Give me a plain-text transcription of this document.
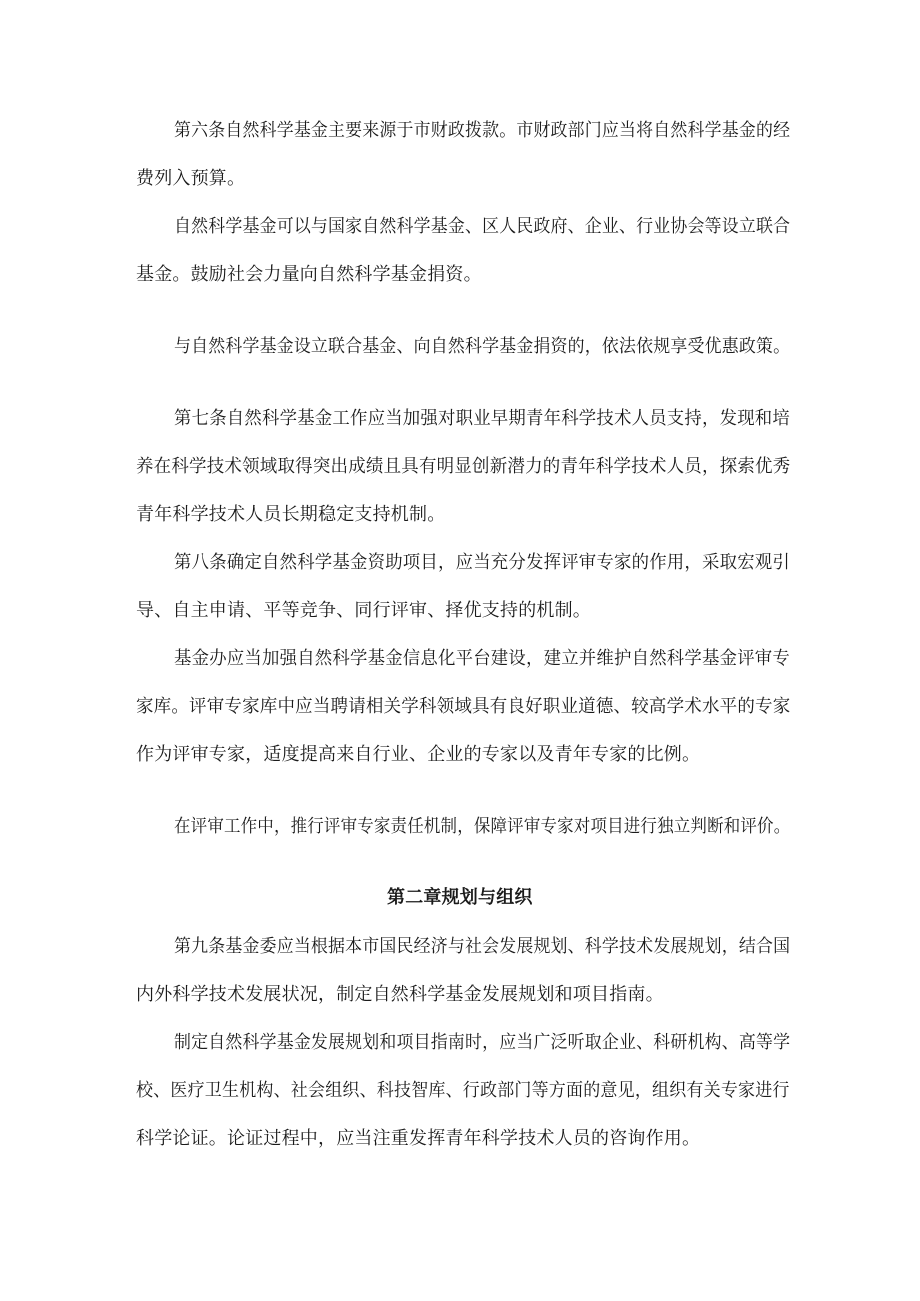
第六条自然科学基金主要来源于市财政拨款。市财政部门应当将自然科学基金的经
费列入预算。
自然科学基金可以与国家自然科学基金、区人民政府、企业、行业协会等设立联合
基金。鼓励社会力量向自然科学基金捐资。
与自然科学基金设立联合基金、向自然科学基金捐资的，依法依规享受优惠政策。
第七条自然科学基金工作应当加强对职业早期青年科学技术人员支持，发现和培
养在科学技术领域取得突出成绩且具有明显创新潜力的青年科学技术人员，探索优秀
青年科学技术人员长期稳定支持机制。
第八条确定自然科学基金资助项目，应当充分发挥评审专家的作用，采取宏观引
导、自主申请、平等竞争、同行评审、择优支持的机制。
基金办应当加强自然科学基金信息化平台建设，建立并维护自然科学基金评审专
家库。评审专家库中应当聘请相关学科领域具有良好职业道德、较高学术水平的专家
作为评审专家，适度提高来自行业、企业的专家以及青年专家的比例。
在评审工作中，推行评审专家责任机制，保障评审专家对项目进行独立判断和评价。
第二章规划与组织
第九条基金委应当根据本市国民经济与社会发展规划、科学技术发展规划，结合国
内外科学技术发展状况，制定自然科学基金发展规划和项目指南。
制定自然科学基金发展规划和项目指南时，应当广泛听取企业、科研机构、高等学
校、医疗卫生机构、社会组织、科技智库、行政部门等方面的意见，组织有关专家进行
科学论证。论证过程中，应当注重发挥青年科学技术人员的咨询作用。
